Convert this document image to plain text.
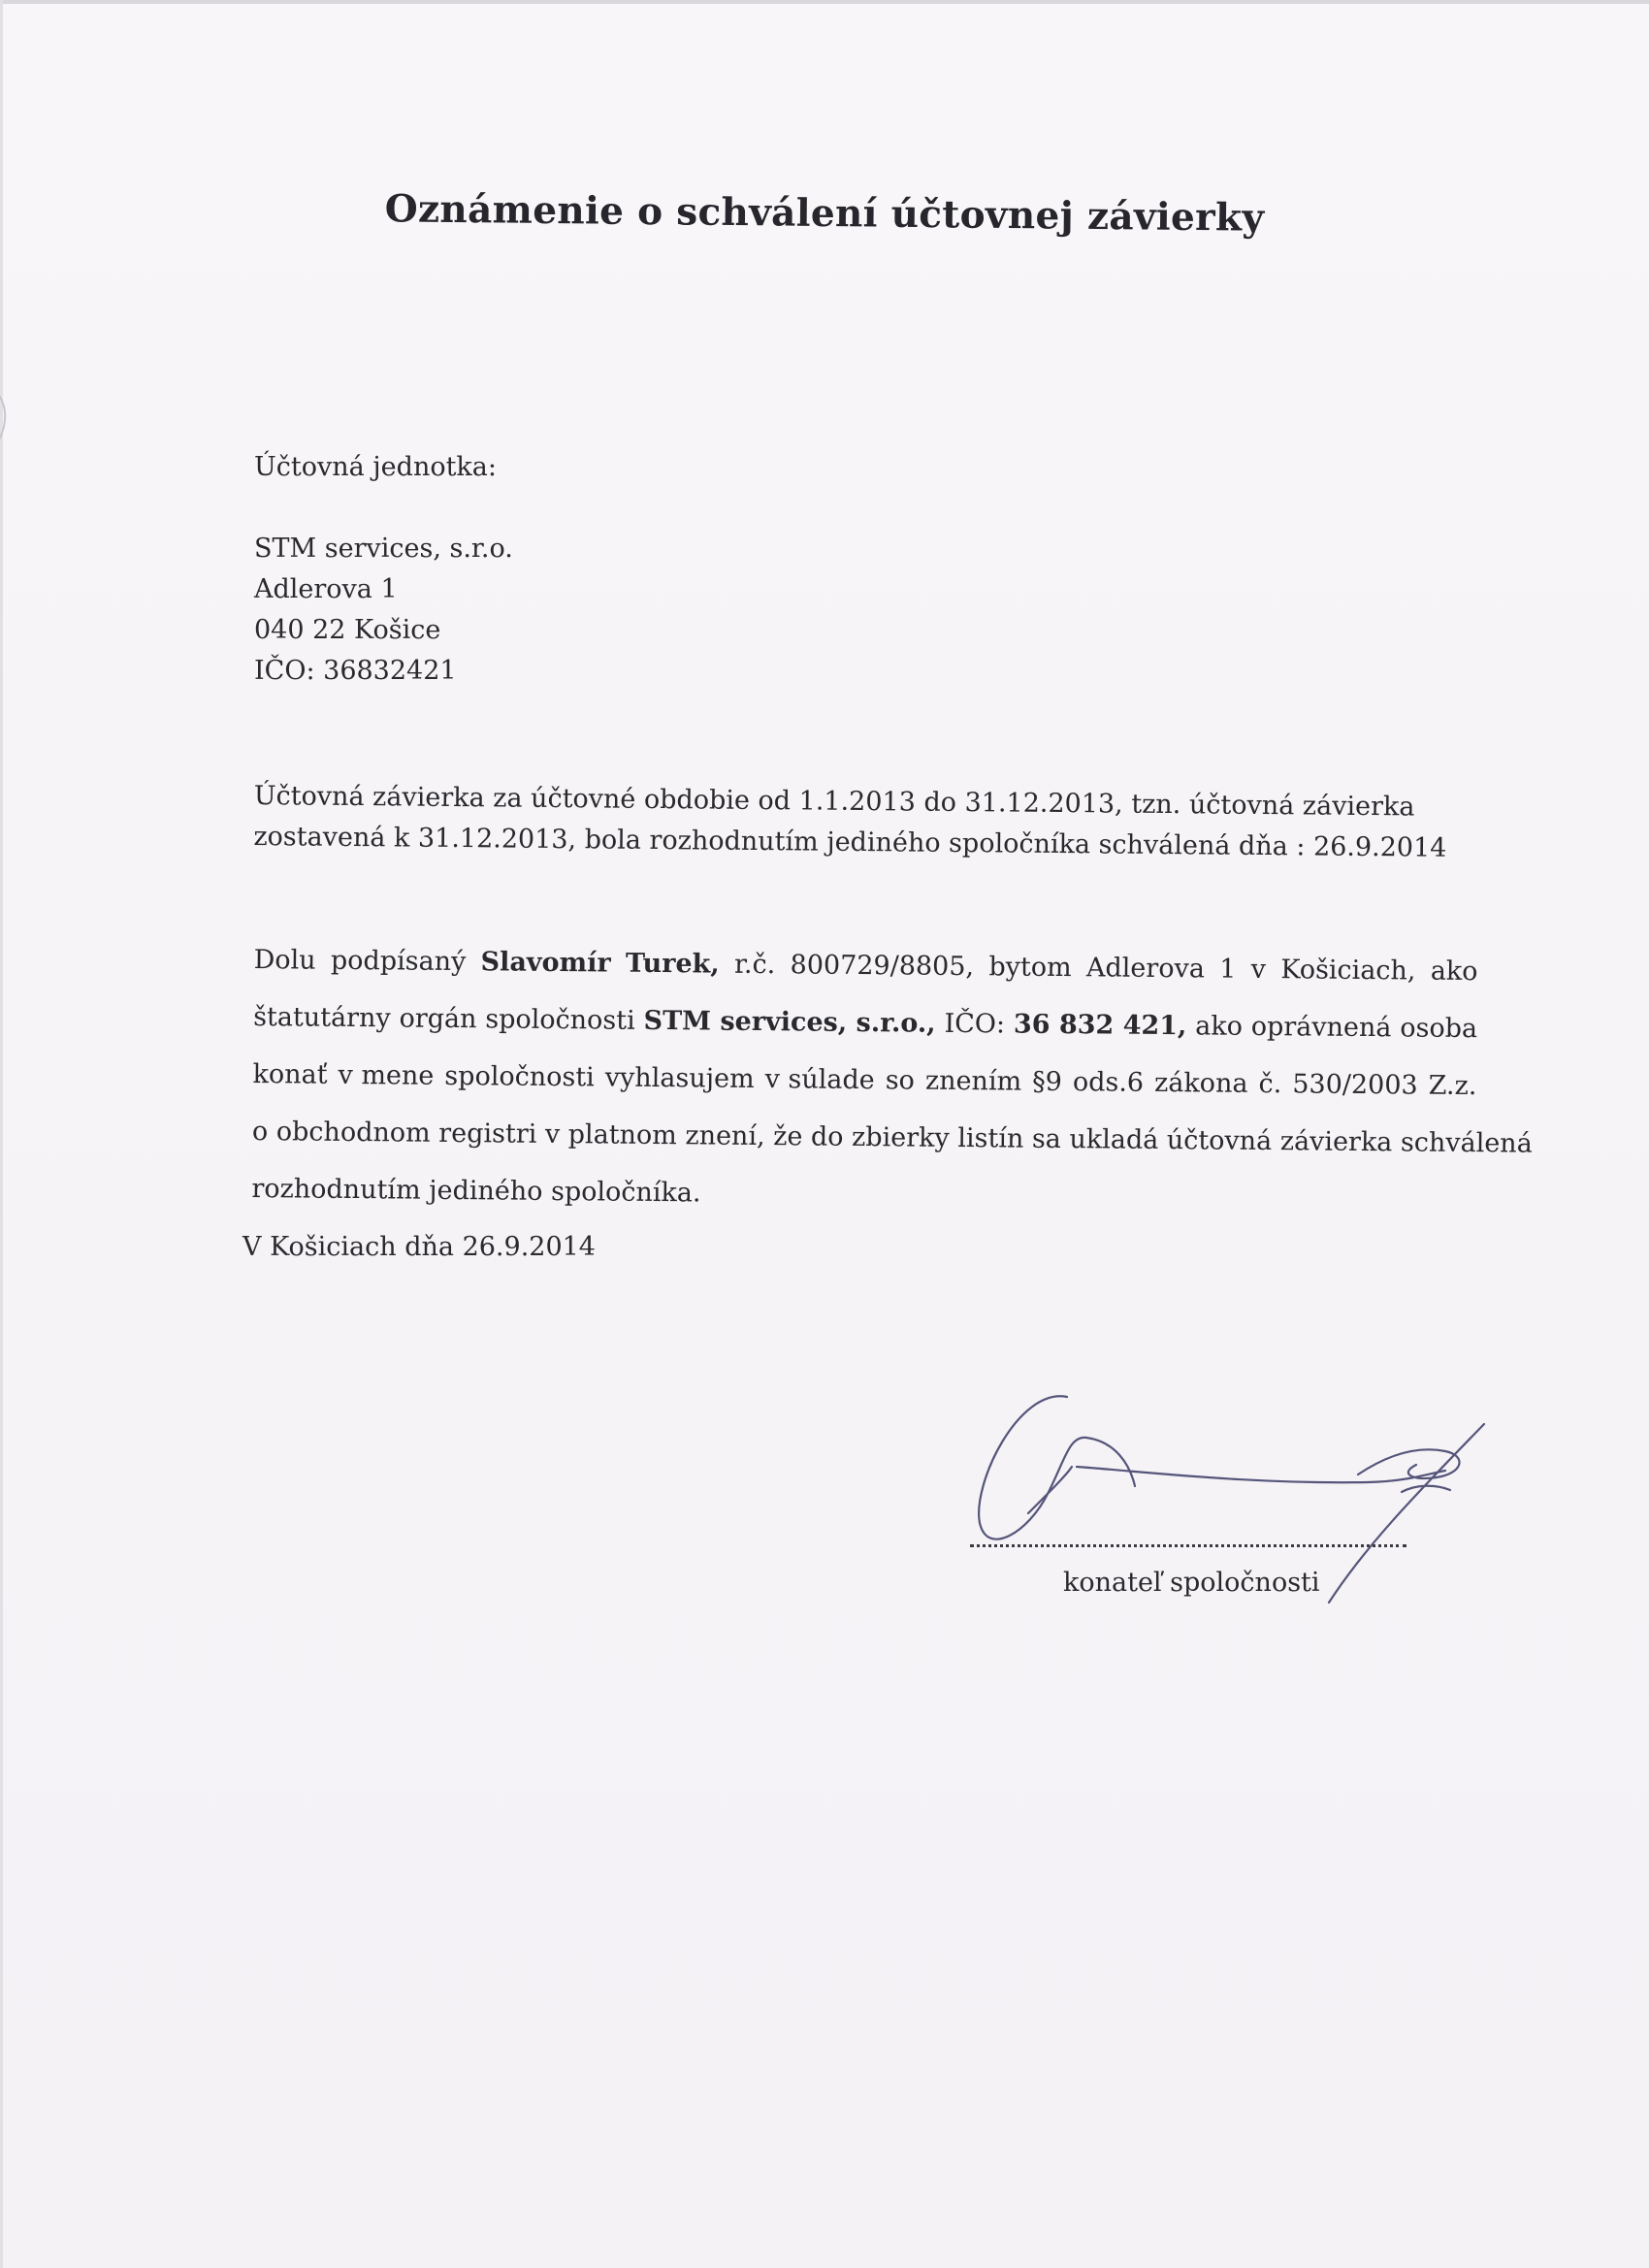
Oznámenie o schválení účtovnej závierky
Účtovná jednotka:
STM services, s.r.o.
Adlerova 1
040 22 Košice
IČO: 36832421
Účtovná závierka za účtovné obdobie od 1.1.2013 do 31.12.2013, tzn. účtovná závierka
zostavená k 31.12.2013, bola rozhodnutím jediného spoločníka schválená dňa : 26.9.2014
Dolu podpísaný Slavomír Turek, r.č. 800729/8805, bytom Adlerova 1 v Košiciach, ako
štatutárny orgán spoločnosti STM services, s.r.o., IČO: 36 832 421, ako oprávnená osoba
konať v mene spoločnosti vyhlasujem v súlade so znením §9 ods.6 zákona č. 530/2003 Z.z.
o obchodnom registri v platnom znení, že do zbierky listín sa ukladá účtovná závierka schválená
rozhodnutím jediného spoločníka.
V Košiciach dňa 26.9.2014
konateľ spoločnosti
